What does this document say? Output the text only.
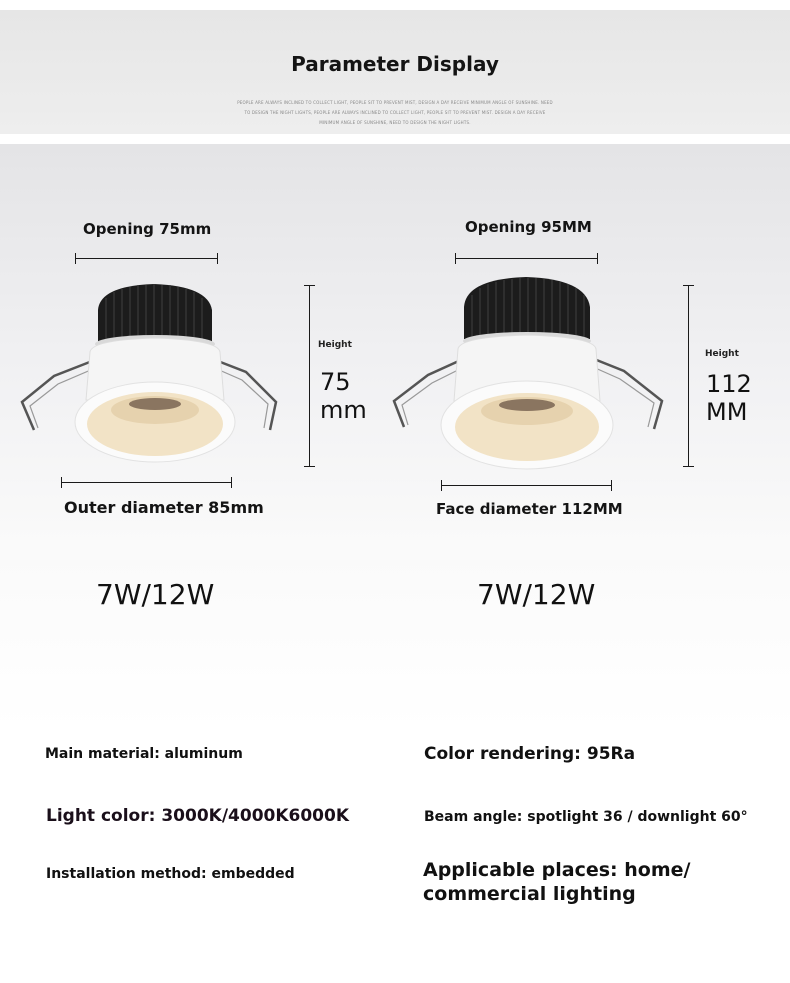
Parameter Display
PEOPLE ARE ALWAYS INCLINED TO COLLECT LIGHT, PEOPLE SIT TO PREVENT MIST, DESIGN A DAY RECEIVE MINIMUM ANGLE OF SUNSHINE. NEED TO DESIGN THE NIGHT LIGHTS, PEOPLE ARE ALWAYS INCLINED TO COLLECT LIGHT, PEOPLE SIT TO PREVENT MIST. DESIGN A DAY RECEIVE MINIMUM ANGLE OF SUNSHINE, NEED TO DESIGN THE NIGHT LIGHTS.
Opening 75mm
Height
75
mm
Outer diameter 85mm
7W/12W
Opening 95MM
Height
112
MM
Face diameter 112MM
7W/12W
Main material: aluminum	Color rendering: 95Ra
Light color: 3000K/4000K6000K	Beam angle: spotlight 36 / downlight 60°
Installation method: embedded	Applicable places: home/
commercial lighting
